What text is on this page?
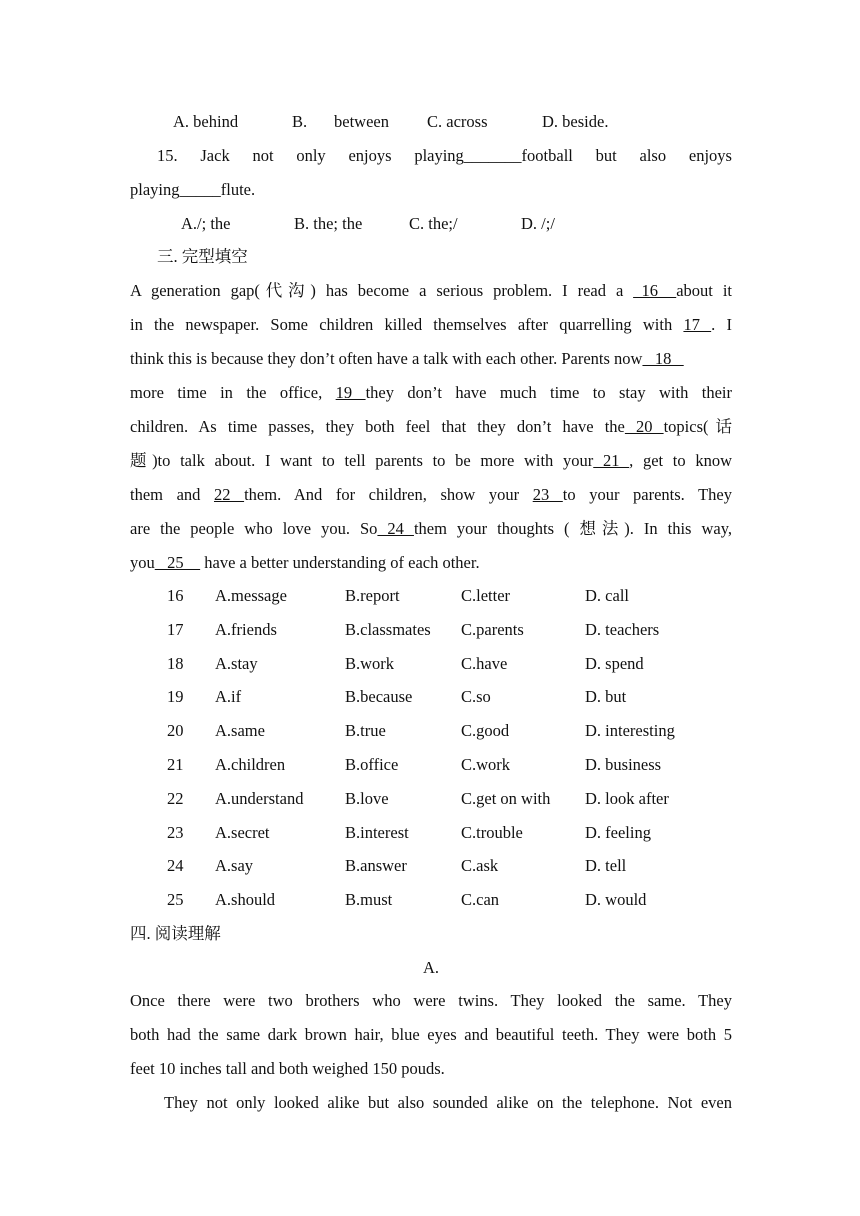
A. behind	B. between C. across	D. beside.
15. Jack not only enjoys playing_______football but also enjoys
playing_____flute.
A./; the	B. the; the	C. the;/	D. /;/
三. 完型填空
A generation gap(代沟) has become a serious problem. I read a _16_ about it
in the newspaper. Some children killed themselves after quarrelling with 17 . I
think this is because they don’t often have a talk with each other. Parents now   18
more time in the office, 19 they don’t have much time to stay with their
children. As time passes, they both feel that they don’t have the 20 topics(话
题)to talk about. I want to tell parents to be more with your 21 , get to know
them and 22 them. And for children, show your 23 to your parents. They
are the people who love you. So 24 them your thoughts ( 想法). In this way,
you   25     have a better understanding of each other.
16 A.message	B.report	C.letter	D. call
17 A.friends	B.classmates C.parents	D. teachers
18 A.stay	B.work	C.have	D. spend
19 A.if	B.because	C.so	D. but
20 A.same	B.true	C.good	D. interesting
21 A.children	B.office	C.work	D. business
22 A.understand	B.love	C.get on with D. look after
23 A.secret	B.interest	C.trouble	D. feeling
24 A.say	B.answer	C.ask	D. tell
25 A.should	B.must	C.can	D. would
四. 阅读理解
A.
Once there were two brothers who were twins. They looked the same. They
both had the same dark brown hair, blue eyes and beautiful teeth. They were both 5
feet 10 inches tall and both weighed 150 pouds.
They not only looked alike but also sounded alike on the telephone. Not even
